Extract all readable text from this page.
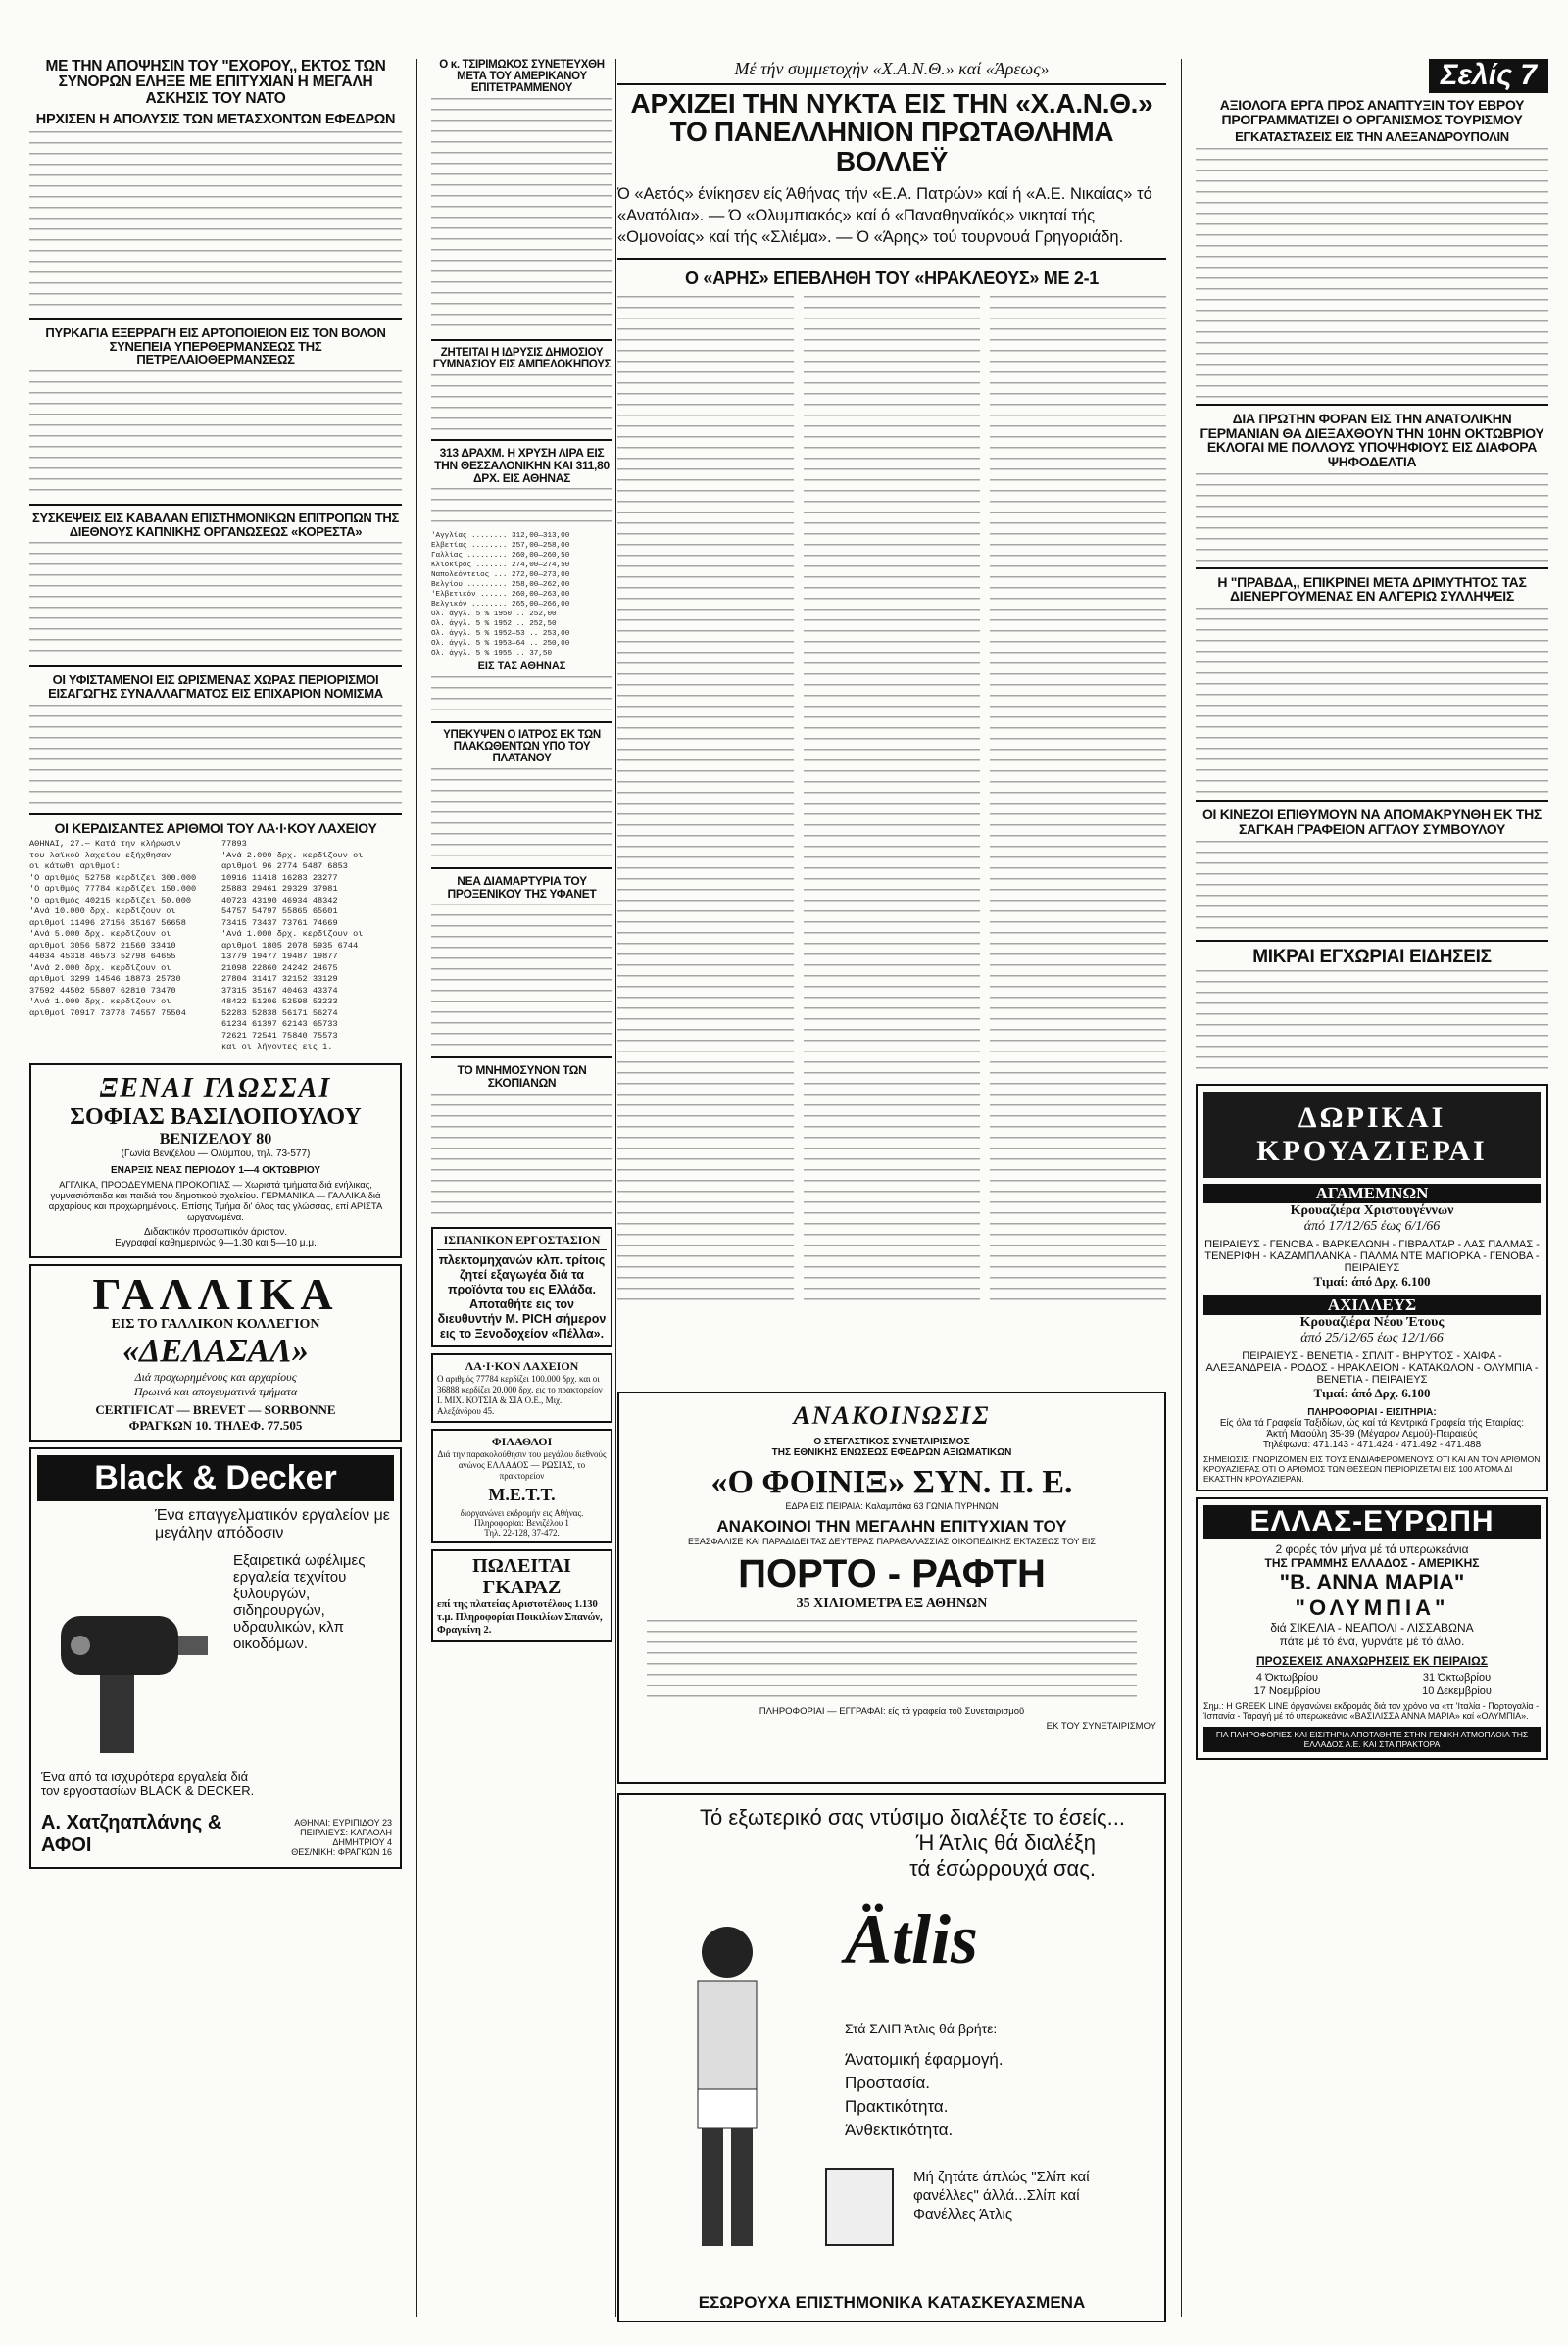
ΜΕ ΤΗΝ ΑΠΟΨΗΣΙΝ ΤΟΥ "ΕΧΟΡΟΥ,, ΕΚΤΟΣ ΤΩΝ ΣΥΝΟΡΩΝ ΕΛΗΞΕ ΜΕ ΕΠΙΤΥΧΙΑΝ Η ΜΕΓΑΛΗ ΑΣΚΗΣΙΣ ΤΟΥ ΝΑΤΟ
ΗΡΧΙΣΕΝ Η ΑΠΟΛΥΣΙΣ ΤΩΝ ΜΕΤΑΣΧΟΝΤΩΝ ΕΦΕΔΡΩΝ
ΠΥΡΚΑΓΙΑ ΕΞΕΡΡΑΓΗ ΕΙΣ ΑΡΤΟΠΟΙΕΙΟΝ ΕΙΣ ΤΟΝ ΒΟΛΟΝ ΣΥΝΕΠΕΙΑ ΥΠΕΡΘΕΡΜΑΝΣΕΩΣ ΤΗΣ ΠΕΤΡΕΛΑΙΟΘΕΡΜΑΝΣΕΩΣ
ΣΥΣΚΕΨΕΙΣ ΕΙΣ ΚΑΒΑΛΑΝ ΕΠΙΣΤΗΜΟΝΙΚΩΝ ΕΠΙΤΡΟΠΩΝ ΤΗΣ ΔΙΕΘΝΟΥΣ ΚΑΠΝΙΚΗΣ ΟΡΓΑΝΩΣΕΩΣ «ΚΟΡΕΣΤΑ»
ΟΙ ΥΦΙΣΤΑΜΕΝΟΙ ΕΙΣ ΩΡΙΣΜΕΝΑΣ ΧΩΡΑΣ ΠΕΡΙΟΡΙΣΜΟΙ ΕΙΣΑΓΩΓΗΣ ΣΥΝΑΛΛΑΓΜΑΤΟΣ ΕΙΣ ΕΠΙΧΑΡΙΟΝ ΝΟΜΙΣΜΑ
ΟΙ ΚΕΡΔΙΣΑΝΤΕΣ ΑΡΙΘΜΟΙ ΤΟΥ ΛΑ·Ι·ΚΟΥ ΛΑΧΕΙΟΥ
ΑΘΗΝΑΙ, 27.— Κατά την κλήρωσιν
του λαϊκού λαχείου εξήχθησαν
οι κάτωθι αριθμοί:
'Ο αριθμός 52758 κερδίζει 300.000
'Ο αριθμός 77784 κερδίζει 150.000
'Ο αριθμός 40215 κερδίζει 50.000
'Ανά 10.000 δρχ. κερδίζουν οι
αριθμοί 11496 27156 35167 56658
'Ανά 5.000 δρχ. κερδίζουν οι
αριθμοί 3056 5872 21560 33410
44034 45318 46573 52798 64655
'Ανά 2.000 δρχ. κερδίζουν οι
αριθμοί 3299 14546 18873 25730
37592 44502 55807 62810 73470
'Ανά 1.000 δρχ. κερδίζουν οι
αριθμοί 70917 73778 74557 75504
77893
'Ανά 2.000 δρχ. κερδίζουν οι
αριθμοί 96 2774 5487 6853
10916 11418 16283 23277
25883 29461 29329 37981
40723 43190 46934 48342
54757 54797 55865 65601
73415 73437 73761 74669
'Ανά 1.000 δρχ. κερδίζουν οι
αριθμοί 1805 2078 5935 6744
13779 19477 19487 19877
21098 22860 24242 24675
27804 31417 32152 33129
37315 35167 40463 43374
48422 51306 52598 53233
52283 52838 56171 56274
61234 61397 62143 65733
72621 72541 75840 75573
και οι λήγοντες εις 1.
ΞΕΝΑΙ ΓΛΩΣΣΑΙ
ΣΟΦΙΑΣ ΒΑΣΙΛΟΠΟΥΛΟΥ
ΒΕΝΙΖΕΛΟΥ 80
(Γωνία Βενιζέλου — Ολύμπου, τηλ. 73-577)
ΕΝΑΡΞΙΣ ΝΕΑΣ ΠΕΡΙΟΔΟΥ 1—4 ΟΚΤΩΒΡΙΟΥ
ΑΓΓΛΙΚΑ, ΠΡΟΟΔΕΥΜΕΝΑ ΠΡΟΚΟΠΙΑΣ — Χωριστά τμήματα διά ενήλικας, γυμνασιόπαιδα και παιδιά του δημοτικού σχολείου. ΓΕΡΜΑΝΙΚΑ — ΓΑΛΛΙΚΑ διά αρχαρίους και προχωρημένους. Επίσης Τμήμα δι' όλας τας γλώσσας, επί ΑΡΙΣΤΑ ωργανωμένα.
Διδακτικόν προσωπικόν άριστον.
Εγγραφαί καθημερινώς 9—1.30 και 5—10 μ.μ.
ΓΑΛΛΙΚΑ
ΕΙΣ ΤΟ ΓΑΛΛΙΚΟΝ ΚΟΛΛΕΓΙΟΝ
«ΔΕΛΑΣΑΛ»
Διά προχωρημένους και αρχαρίους
Πρωινά και απογευματινά τμήματα
CERTIFICAT — BREVET — SORBONNE
ΦΡΑΓΚΩΝ 10. ΤΗΛΕΦ. 77.505
Black & Decker
Ένα επαγγελματικόν εργαλείον με μεγάλην απόδοσιν
Εξαιρετικά ωφέλιμες εργαλεία τεχνίτου ξυλουργών, σιδηρουργών, υδραυλικών, κλπ οικοδόμων.
Ένα από τα ισχυρότερα εργαλεία διά τον εργοστασίων BLACK & DECKER.
Α. Χατζηαπλάνης & ΑΦΟΙ
ΑΘΗΝΑΙ: ΕΥΡΙΠΙΔΟΥ 23
ΠΕΙΡΑΙΕΥΣ: ΚΑΡΑΟΛΗ ΔΗΜΗΤΡΙΟΥ 4
ΘΕΣ/ΝΙΚΗ: ΦΡΑΓΚΩΝ 16
Ο κ. ΤΣΙΡΙΜΩΚΟΣ ΣΥΝΕΤΕΥΧΘΗ ΜΕΤΑ ΤΟΥ ΑΜΕΡΙΚΑΝΟΥ ΕΠΙΤΕΤΡΑΜΜΕΝΟΥ
ΖΗΤΕΙΤΑΙ Η ΙΔΡΥΣΙΣ ΔΗΜΟΣΙΟΥ ΓΥΜΝΑΣΙΟΥ ΕΙΣ ΑΜΠΕΛΟΚΗΠΟΥΣ
313 ΔΡΑΧΜ. Η ΧΡΥΣΗ ΛΙΡΑ ΕΙΣ ΤΗΝ ΘΕΣΣΑΛΟΝΙΚΗΝ ΚΑΙ 311,80 ΔΡΧ. ΕΙΣ ΑΘΗΝΑΣ
'Αγγλίας ........ 312,00—313,00
Ελβετίας ........ 257,00—258,00
Γαλλίας ......... 260,00—260,50
Κλιοκίρος ....... 274,00—274,50
Ναπολεόντειος ... 272,00—273,00
Βελγίου ......... 258,00—262,00
'Ελβετικόν ...... 260,00—263,00
Βελγικόν ........ 265,00—266,00
Ολ. άγγλ. 5 % 1950 .. 252,00
Ολ. άγγλ. 5 % 1952 .. 252,50
Ολ. άγγλ. 5 % 1952—53 .. 253,00
Ολ. άγγλ. 5 % 1953—64 .. 250,00
Ολ. άγγλ. 5 % 1955 .. 37,50
ΕΙΣ ΤΑΣ ΑΘΗΝΑΣ
ΥΠΕΚΥΨΕΝ Ο ΙΑΤΡΟΣ ΕΚ ΤΩΝ ΠΛΑΚΩΘΕΝΤΩΝ ΥΠΟ ΤΟΥ ΠΛΑΤΑΝΟΥ
ΝΕΑ ΔΙΑΜΑΡΤΥΡΙΑ ΤΟΥ ΠΡΟΞΕΝΙΚΟΥ ΤΗΣ ΥΦΑΝΕΤ
ΤΟ ΜΝΗΜΟΣΥΝΟΝ ΤΩΝ ΣΚΟΠΙΑΝΩΝ
ΙΣΠΑΝΙΚΟΝ ΕΡΓΟΣΤΑΣΙΟΝ
πλεκτομηχανών κλπ. τρίτοις ζητεί εξαγωγέα διά τα προϊόντα του εις Ελλάδα. Αποταθήτε εις τον διευθυντήν Μ. PICH σήμερον εις το Ξενοδοχείον «Πέλλα».
ΛΑ·Ι·ΚΟΝ ΛΑΧΕΙΟΝ
Ο αριθμός 77784 κερδίζει 100.000 δρχ. και οι 36888 κερδίζει 20.000 δρχ. εις το πρακτορείον Ι. ΜΙΧ. ΚΟΤΣΙΑ & ΣΙΑ Ο.Ε., Μιχ. Αλεξάνδρου 45.
ΦΙΛΑΘΛΟΙ
Διά την παρακολούθησιν του μεγάλου διεθνούς αγώνος ΕΛΛΑΔΟΣ — ΡΩΣΙΑΣ, το πρακτορείον
Μ.Ε.Τ.Τ.
διοργανώνει εκδρομήν εις Αθήνας.
Πληροφορίαι: Βενιζέλου 1
Τηλ. 22-128, 37-472.
ΠΩΛΕΙΤΑΙ ΓΚΑΡΑΖ
επί της πλατείας Αριστοτέλους 1.130 τ.μ. Πληροφορίαι Ποικιλίων Σπανών, Φραγκίνη 2.
Μέ τήν συμμετοχήν «Χ.Α.Ν.Θ.» καί «Άρεως»
ΑΡΧΙΖΕΙ ΤΗΝ ΝΥΚΤΑ ΕΙΣ ΤΗΝ «Χ.Α.Ν.Θ.» ΤΟ ΠΑΝΕΛΛΗΝΙΟΝ ΠΡΩΤΑΘΛΗΜΑ ΒΟΛΛΕΫ
Ό «Αετός» ένίκησεν είς Άθήνας τήν «Ε.Α. Πατρών» καί ή «Α.Ε. Νικαίας» τό «Ανατόλια». — Ό «Ολυμπιακός» καί ό «Παναθηναϊκός» νικηταί τής «Ομονοίας» καί τής «Σλιέμα». — Ό «Άρης» τού τουρνουά Γρηγοριάδη.
Ο «ΑΡΗΣ» ΕΠΕΒΛΗΘΗ ΤΟΥ «ΗΡΑΚΛΕΟΥΣ» ΜΕ 2-1
ΑΝΑΚΟΙΝΩΣΙΣ
Ο ΣΤΕΓΑΣΤΙΚΟΣ ΣΥΝΕΤΑΙΡΙΣΜΟΣ
ΤΗΣ ΕΘΝΙΚΗΣ ΕΝΩΣΕΩΣ ΕΦΕΔΡΩΝ ΑΞΙΩΜΑΤΙΚΩΝ
«Ο ΦΟΙΝΙΞ» ΣΥΝ. Π. Ε.
ΕΔΡΑ ΕΙΣ ΠΕΙΡΑΙΑ: Καλαμπάκα 63 ΓΩΝΙΑ ΠΥΡΗΝΩΝ
ΑΝΑΚΟΙΝΟΙ ΤΗΝ ΜΕΓΑΛΗΝ ΕΠΙΤΥΧΙΑΝ ΤΟΥ
ΕΞΑΣΦΑΛΙΣΕ ΚΑΙ ΠΑΡΑΔΙΔΕΙ ΤΑΣ ΔΕΥΤΕΡΑΣ ΠΑΡΑΘΑΛΑΣΣΙΑΣ ΟΙΚΟΠΕΔΙΚΗΣ ΕΚΤΑΣΕΩΣ ΤΟΥ ΕΙΣ
ΠΟΡΤΟ - ΡΑΦΤΗ
35 ΧΙΛΙΟΜΕΤΡΑ ΕΞ ΑΘΗΝΩΝ
ΠΛΗΡΟΦΟΡΙΑΙ — ΕΓΓΡΑΦΑΙ: είς τά γραφεία τοῦ Συνεταιρισμοῦ
ΕΚ ΤΟΥ ΣΥΝΕΤΑΙΡΙΣΜΟΥ
Τό εξωτερικό σας ντύσιμο διαλέξτε το έσείς...
Ή Άτλις θά διαλέξη τά έσώρρουχά σας.
Ätlis
Στά ΣΛΙΠ Άτλις θά βρήτε:
Άνατομική έφαρμογή.
Προστασία.
Πρακτικότητα.
Άνθεκτικότητα.
Μή ζητάτε άπλώς "Σλίπ καί φανέλλες" άλλά...Σλίπ καί Φανέλλες Άτλις
ΕΣΩΡΟΥΧΑ ΕΠΙΣΤΗΜΟΝΙΚΑ ΚΑΤΑΣΚΕΥΑΣΜΕΝΑ
Σελίς 7
ΑΞΙΟΛΟΓΑ ΕΡΓΑ ΠΡΟΣ ΑΝΑΠΤΥΞΙΝ ΤΟΥ ΕΒΡΟΥ ΠΡΟΓΡΑΜΜΑΤΙΖΕΙ Ο ΟΡΓΑΝΙΣΜΟΣ ΤΟΥΡΙΣΜΟΥ
ΕΓΚΑΤΑΣΤΑΣΕΙΣ ΕΙΣ ΤΗΝ ΑΛΕΞΑΝΔΡΟΥΠΟΛΙΝ
ΔΙΑ ΠΡΩΤΗΝ ΦΟΡΑΝ ΕΙΣ ΤΗΝ ΑΝΑΤΟΛΙΚΗΝ ΓΕΡΜΑΝΙΑΝ ΘΑ ΔΙΕΞΑΧΘΟΥΝ ΤΗΝ 10ΗΝ ΟΚΤΩΒΡΙΟΥ ΕΚΛΟΓΑΙ ΜΕ ΠΟΛΛΟΥΣ ΥΠΟΨΗΦΙΟΥΣ ΕΙΣ ΔΙΑΦΟΡΑ ΨΗΦΟΔΕΛΤΙΑ
Η "ΠΡΑΒΔΑ,, ΕΠΙΚΡΙΝΕΙ ΜΕΤΑ ΔΡΙΜΥΤΗΤΟΣ ΤΑΣ ΔΙΕΝΕΡΓΟΥΜΕΝΑΣ ΕΝ ΑΛΓΕΡΙΩ ΣΥΛΛΗΨΕΙΣ
ΟΙ ΚΙΝΕΖΟΙ ΕΠΙΘΥΜΟΥΝ ΝΑ ΑΠΟΜΑΚΡΥΝΘΗ ΕΚ ΤΗΣ ΣΑΓΚΑΗ ΓΡΑΦΕΙΟΝ ΑΓΓΛΟΥ ΣΥΜΒΟΥΛΟΥ
ΜΙΚΡΑΙ ΕΓΧΩΡΙΑΙ ΕΙΔΗΣΕΙΣ
ΔΩΡΙΚΑΙ ΚΡΟΥΑΖΙΕΡΑΙ
ΑΓΑΜΕΜΝΩΝ
Κρουαζιέρα Χριστουγέννων
άπό 17/12/65 έως 6/1/66
ΠΕΙΡΑΙΕΥΣ - ΓΕΝΟΒΑ - ΒΑΡΚΕΛΩΝΗ - ΓΙΒΡΑΛΤΑΡ - ΛΑΣ ΠΑΛΜΑΣ - ΤΕΝΕΡΙΦΗ - ΚΑΖΑΜΠΛΑΝΚΑ - ΠΑΛΜΑ ΝΤΕ ΜΑΓΙΟΡΚΑ - ΓΕΝΟΒΑ - ΠΕΙΡΑΙΕΥΣ
Τιμαί: άπό Δρχ. 6.100
ΑΧΙΛΛΕΥΣ
Κρουαζιέρα Νέου Έτους
άπό 25/12/65 έως 12/1/66
ΠΕΙΡΑΙΕΥΣ - ΒΕΝΕΤΙΑ - ΣΠΛΙΤ - ΒΗΡΥΤΟΣ - ΧΑΙΦΑ - ΑΛΕΞΑΝΔΡΕΙΑ - ΡΟΔΟΣ - ΗΡΑΚΛΕΙΟΝ - ΚΑΤΑΚΩΛΟΝ - ΟΛΥΜΠΙΑ - ΒΕΝΕΤΙΑ - ΠΕΙΡΑΙΕΥΣ
Τιμαί: άπό Δρχ. 6.100
ΠΛΗΡΟΦΟΡΙΑΙ - ΕΙΣΙΤΗΡΙΑ:
Είς όλα τά Γραφεία Ταξιδίων, ώς καί τά Κεντρικά Γραφεία τής Εταιρίας:
Άκτή Μιαούλη 35-39 (Μέγαρον Λεμού)-Πειραιεύς
Τηλέφωνα: 471.143 - 471.424 - 471.492 - 471.488
ΣΗΜΕΙΩΣΙΣ: ΓΝΩΡΙΖΟΜΕΝ ΕΙΣ ΤΟΥΣ ΕΝΔΙΑΦΕΡΟΜΕΝΟΥΣ ΟΤΙ ΚΑΙ ΑΝ ΤΟΝ ΑΡΙΘΜΟΝ ΚΡΟΥΑΖΙΕΡΑΣ ΟΤΙ Ο ΑΡΙΘΜΟΣ ΤΩΝ ΘΕΣΕΩΝ ΠΕΡΙΟΡΙΖΕΤΑΙ ΕΙΣ 100 ΑΤΟΜΑ ΔΙ ΕΚΑΣΤΗΝ ΚΡΟΥΑΖΙΕΡΑΝ.
ΕΛΛΑΣ-ΕΥΡΩΠΗ
2 φορές τόν μήνα μέ τά υπερωκεάνια
ΤΗΣ ΓΡΑΜΜΗΣ ΕΛΛΑΔΟΣ - ΑΜΕΡΙΚΗΣ
"Β. ΑΝΝΑ ΜΑΡΙΑ"
"ΟΛΥΜΠΙΑ"
διά ΣΙΚΕΛΙΑ - ΝΕΑΠΟΛΙ - ΛΙΣΣΑΒΩΝΑ
πάτε μέ τό ένα, γυρνάτε μέ τό άλλο.
ΠΡΟΣΕΧΕΙΣ ΑΝΑΧΩΡΗΣΕΙΣ ΕΚ ΠΕΙΡΑΙΩΣ
4 Όκτωβρίου	31 Όκτωβρίου
17 Νοεμβρίου	10 Δεκεμβρίου
Σημ.: Η GREEK LINE όργανώνει εκδρομάς διά τον χρόνο να «ττ 'Ιταλία - Πορτογαλία - Ίσπανία - Ταραγή μέ τό υπερωκεάνιο «ΒΑΣΙΛΙΣΣΑ ΑΝΝΑ ΜΑΡΙΑ» καί «ΟΛΥΜΠΙΑ».
ΓΙΑ ΠΛΗΡΟΦΟΡΙΕΣ ΚΑΙ ΕΙΣΙΤΗΡΙΑ ΑΠΟΤΑΘΗΤΕ ΣΤΗΝ ΓΕΝΙΚΗ ΑΤΜΟΠΛΟΙΑ ΤΗΣ ΕΛΛΑΔΟΣ Α.Ε. ΚΑΙ ΣΤΑ ΠΡΑΚΤΟΡΑ
